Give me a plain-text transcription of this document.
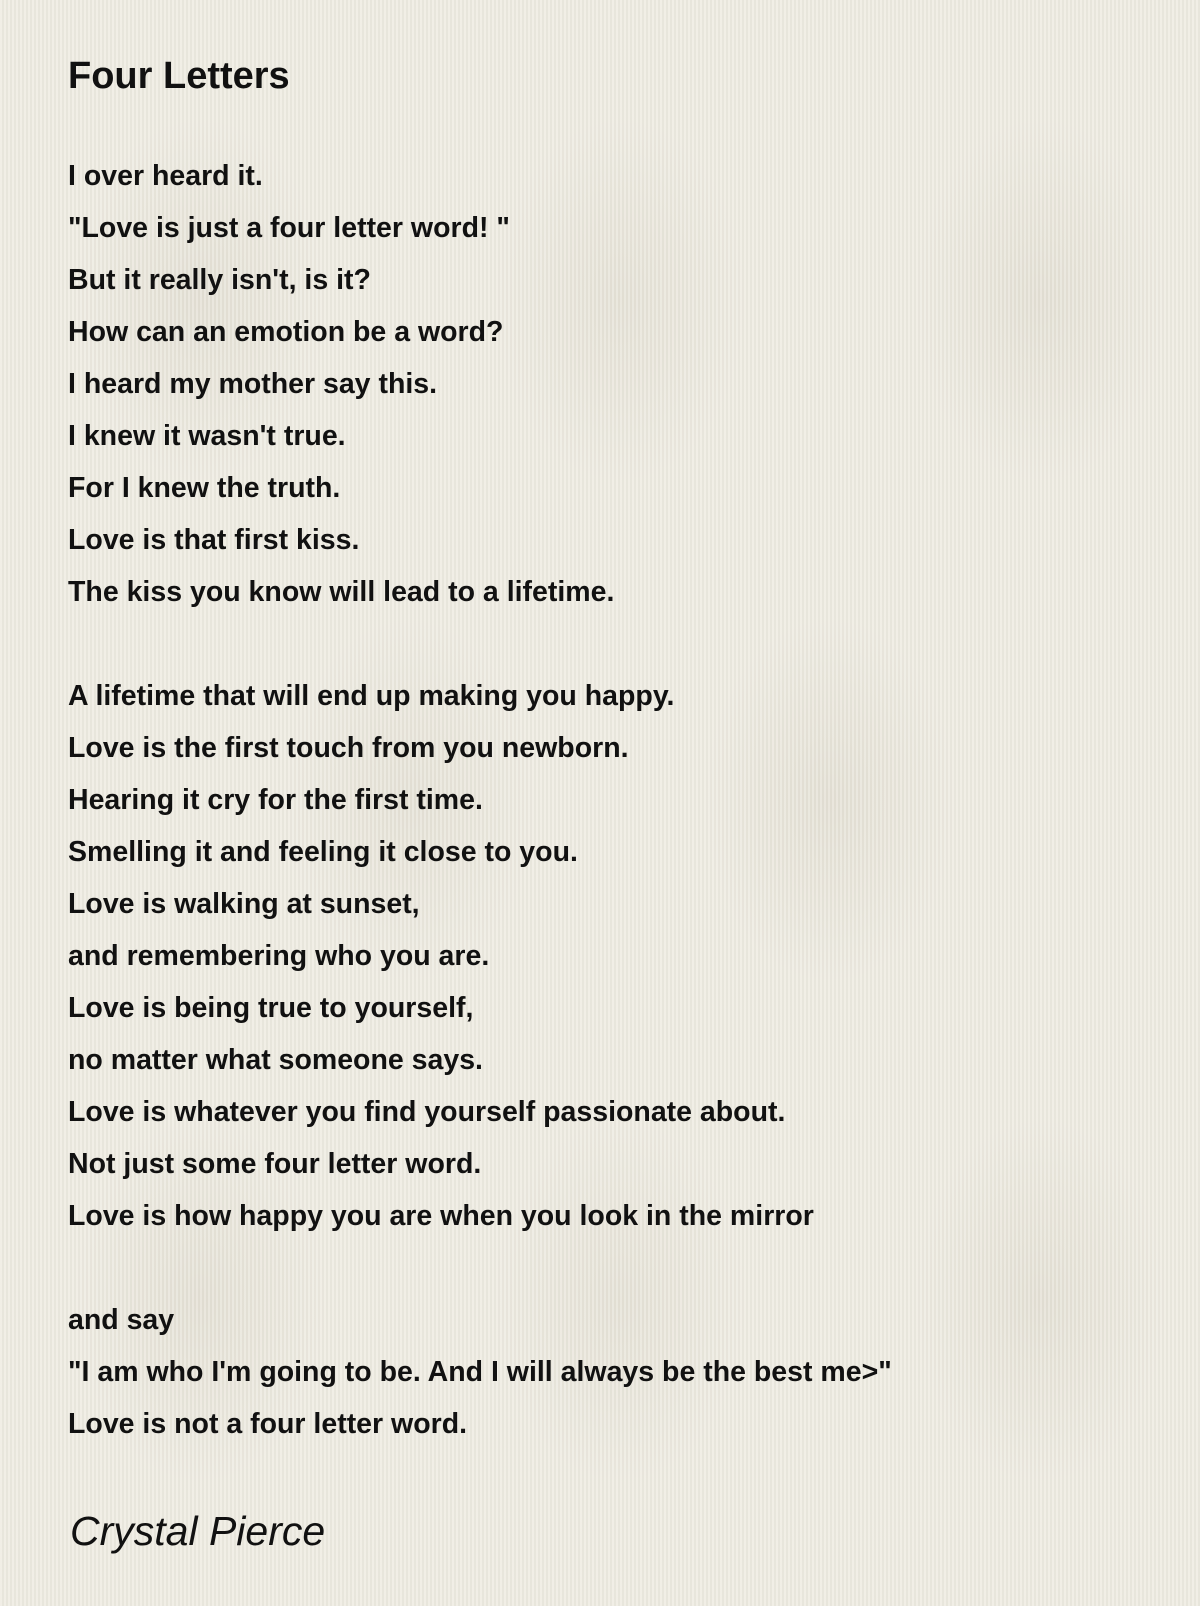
Four Letters
I over heard it.
"Love is just a four letter word! "
But it really isn't, is it?
How can an emotion be a word?
I heard my mother say this.
I knew it wasn't true.
For I knew the truth.
Love is that first kiss.
The kiss you know will lead to a lifetime.
A lifetime that will end up making you happy.
Love is the first touch from you newborn.
Hearing it cry for the first time.
Smelling it and feeling it close to you.
Love is walking at sunset,
and remembering who you are.
Love is being true to yourself,
no matter what someone says.
Love is whatever you find yourself passionate about.
Not just some four letter word.
Love is how happy you are when you look in the mirror
and say
"I am who I'm going to be. And I will always be the best me>"
Love is not a four letter word.

Crystal Pierce
